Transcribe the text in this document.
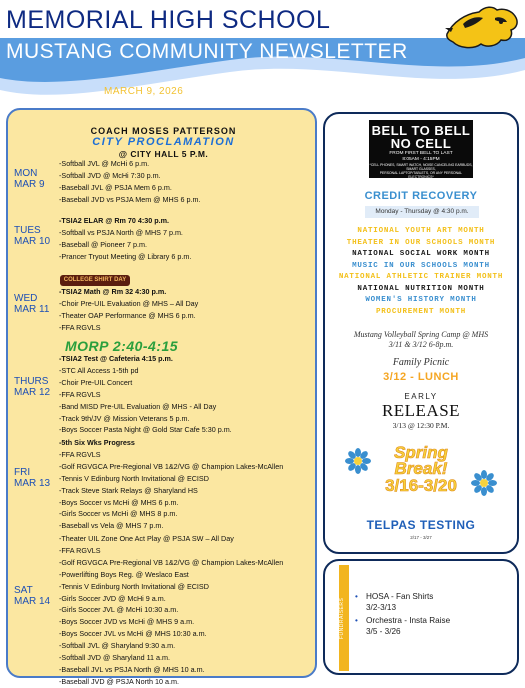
MEMORIAL HIGH SCHOOL
MUSTANG COMMUNITY NEWSLETTER
MARCH 9, 2026
COACH MOSES PATTERSON
CITY PROCLAMATION
@ CITY HALL 5 P.M.
MON
MAR 9
-Softball JVL @ McHi 6 p.m.
-Softball JVD @ McHi 7:30 p.m.
-Baseball JVL @ PSJA Mem 6 p.m.
-Baseball JVD vs PSJA Mem @ MHS 6 p.m.
TUES
MAR 10
-TSIA2 ELAR @ Rm 70 4:30 p.m.
-Softball vs PSJA North @ MHS 7 p.m.
-Baseball @ Pioneer 7 p.m.
-Prancer Tryout Meeting @ Library 6 p.m.
COLLEGE SHIRT DAY
WED
MAR 11
-TSIA2 Math @ Rm 32 4:30 p.m.
-Choir Pre-UIL Evaluation @ MHS – All Day
-Theater OAP Performance @ MHS 6 p.m.
-FFA RGVLS
MORP 2:40-4:15
THURS
MAR 12
-TSIA2 Test @ Cafeteria 4:15 p.m.
-STC All Access 1-5th pd
-Choir Pre-UIL Concert
-FFA RGVLS
-Band MISD Pre-UIL Evaluation @ MHS - All Day
-Track 9th/JV @ Mission Veterans 5 p.m.
-Boys Soccer Pasta Night @ Gold Star Cafe 5:30 p.m.
FRI
MAR 13
-5th Six Wks Progress
-FFA RGVLS
-Golf RGVGCA Pre-Regional VB 1&2/VG @ Champion Lakes-McAllen
-Tennis V Edinburg North Invitational @ ECISD
-Track Steve Stark Relays @ Sharyland HS
-Boys Soccer vs McHi @ MHS 6 p.m.
-Girls Soccer vs McHi @ MHS 8 p.m.
-Baseball vs Vela @ MHS 7 p.m.
SAT
MAR 14
-Theater UIL Zone One Act Play @ PSJA SW – All Day
-FFA RGVLS
-Golf RGVGCA Pre-Regional VB 1&2/VG @ Champion Lakes-McAllen
-Powerlifting Boys Reg. @ Weslaco East
-Tennis V Edinburg North Invitational @ ECISD
-Girls Soccer JVD @ McHi 9 a.m.
-Girls Soccer JVL @ McHi 10:30 a.m.
-Boys Soccer JVD vs McHi @ MHS 9 a.m.
-Boys Soccer JVL vs McHi @ MHS 10:30 a.m.
-Softball JVL @ Sharyland 9:30 a.m.
-Softball JVD @ Sharyland 11 a.m.
-Baseball JVL vs PSJA North @ MHS 10 a.m.
-Baseball JVD @ PSJA North 10 a.m.
BELL TO BELL
NO CELL
FROM FIRST BELL TO LAST
8:05AM - 4:15PM
*CELL PHONES, SMART WATCH, NOISE CANCELING EARBUDS, SMART GLASSES,
PERSONAL LAPTOP/TABLETS, OR ANY PERSONAL ELECTRONICS*
CREDIT RECOVERY
Monday - Thursday @ 4:30 p.m.
NATIONAL YOUTH ART MONTH
THEATER IN OUR SCHOOLS MONTH
NATIONAL SOCIAL WORK MONTH
MUSIC IN OUR SCHOOLS MONTH
NATIONAL ATHLETIC TRAINER MONTH
NATIONAL NUTRITION MONTH
WOMEN'S HISTORY MONTH
PROCUREMENT MONTH
Mustang Volleyball Spring Camp @ MHS
3/11 & 3/12 6-8p.m.
Family Picnic
3/12 - LUNCH
EARLY
RELEASE
3/13 @ 12:30 P.M.
Spring
Break!
3/16-3/20
TELPAS TESTING
2/17 - 3/27
FUNDRAISERS
• HOSA - Fan Shirts
3/2-3/13
• Orchestra - Insta Raise
3/5 - 3/26
